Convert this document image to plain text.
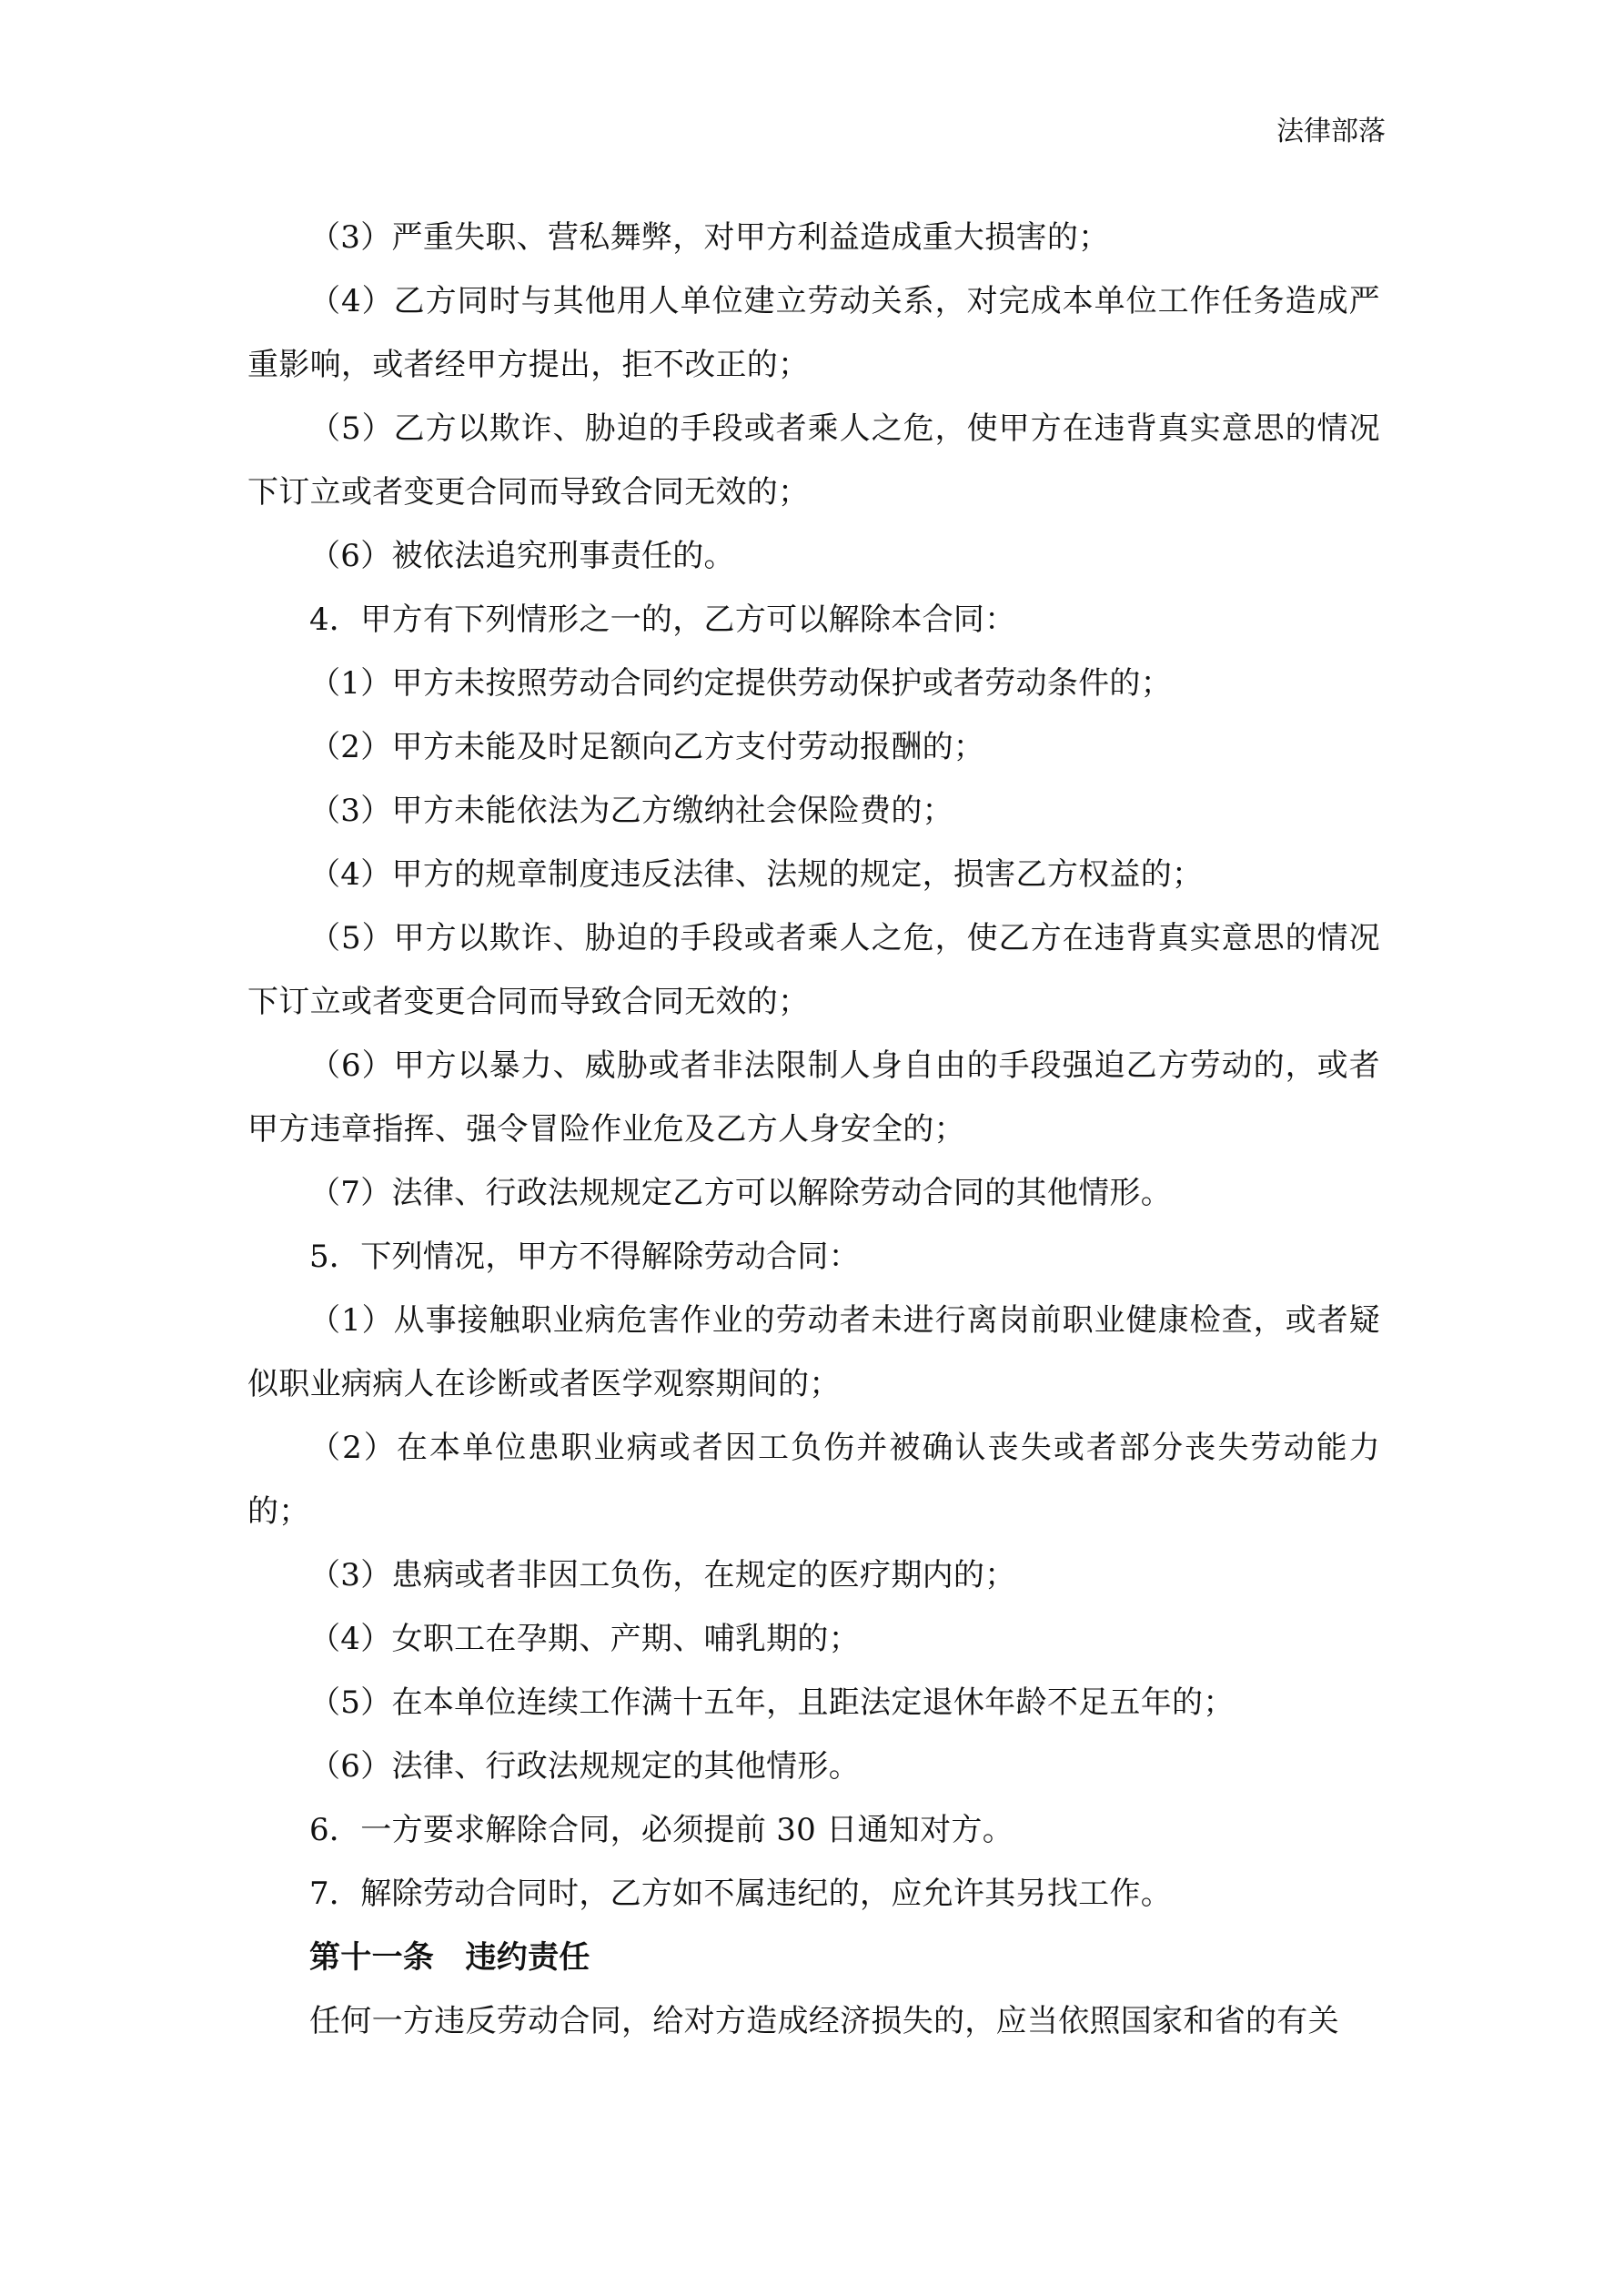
法律部落

（3）严重失职、营私舞弊，对甲方利益造成重大损害的；

（4）乙方同时与其他用人单位建立劳动关系，对完成本单位工作任务造成严重影响，或者经甲方提出，拒不改正的；

（5）乙方以欺诈、胁迫的手段或者乘人之危，使甲方在违背真实意思的情况下订立或者变更合同而导致合同无效的；

（6）被依法追究刑事责任的。

4．甲方有下列情形之一的，乙方可以解除本合同：

（1）甲方未按照劳动合同约定提供劳动保护或者劳动条件的；

（2）甲方未能及时足额向乙方支付劳动报酬的；

（3）甲方未能依法为乙方缴纳社会保险费的；

（4）甲方的规章制度违反法律、法规的规定，损害乙方权益的；

（5）甲方以欺诈、胁迫的手段或者乘人之危，使乙方在违背真实意思的情况下订立或者变更合同而导致合同无效的；

（6）甲方以暴力、威胁或者非法限制人身自由的手段强迫乙方劳动的，或者甲方违章指挥、强令冒险作业危及乙方人身安全的；

（7）法律、行政法规规定乙方可以解除劳动合同的其他情形。

5．下列情况，甲方不得解除劳动合同：

（1）从事接触职业病危害作业的劳动者未进行离岗前职业健康检查，或者疑似职业病病人在诊断或者医学观察期间的；

（2）在本单位患职业病或者因工负伤并被确认丧失或者部分丧失劳动能力的；

（3）患病或者非因工负伤，在规定的医疗期内的；

（4）女职工在孕期、产期、哺乳期的；

（5）在本单位连续工作满十五年，且距法定退休年龄不足五年的；

（6）法律、行政法规规定的其他情形。

6．一方要求解除合同，必须提前 30 日通知对方。

7．解除劳动合同时，乙方如不属违纪的，应允许其另找工作。

第十一条　违约责任

任何一方违反劳动合同，给对方造成经济损失的，应当依照国家和省的有关
